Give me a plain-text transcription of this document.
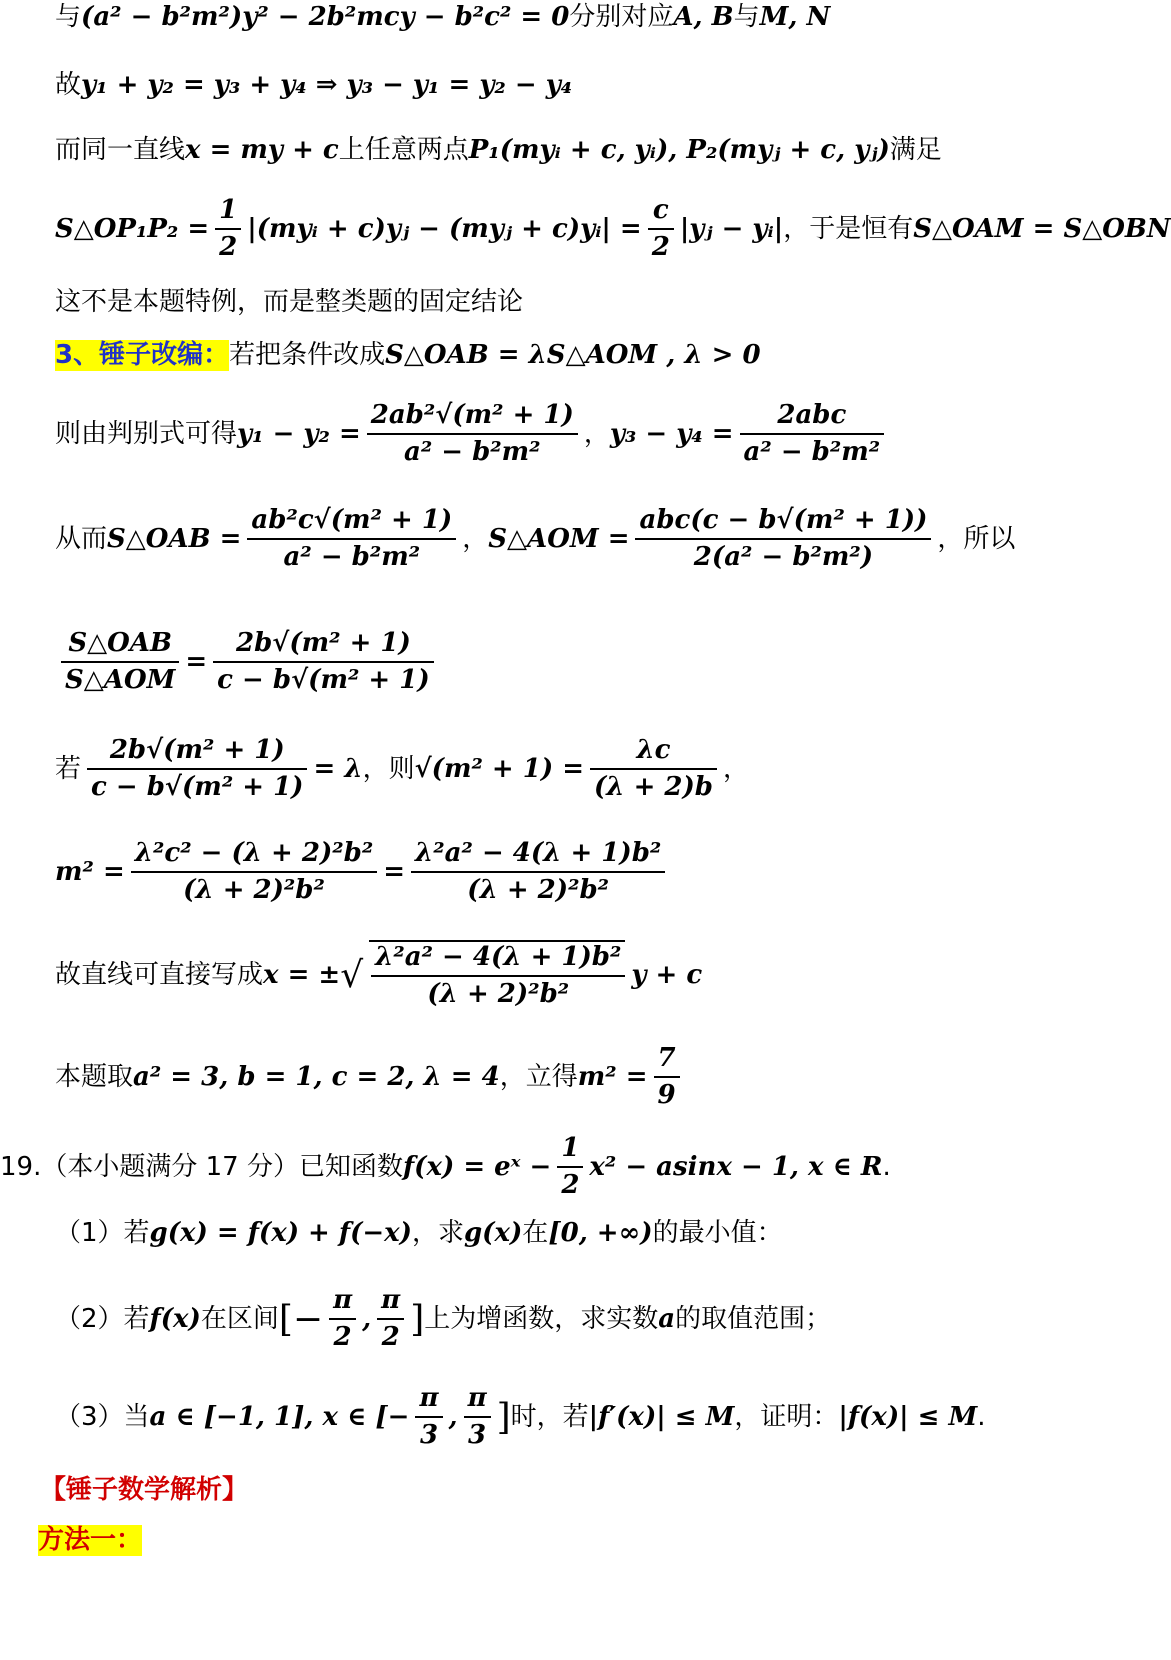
与 (a² − b²m²)y² − 2b²mcy − b²c² = 0 分别对应 A, B 与 M, N
故 y₁ + y₂ = y₃ + y₄ ⇒ y₃ − y₁ = y₂ − y₄
而同一直线 x = my + c 上任意两点 P₁(myᵢ + c, yᵢ), P₂(myⱼ + c, yⱼ) 满足
S△OP₁P₂ = $\frac{1}{2}$ |(myᵢ + c)yⱼ − (myⱼ + c)yᵢ| = $\frac{c}{2}$ |yⱼ − yᵢ| ，于是恒有 S△OAM = S△OBN
这不是本题特例，而是整类题的固定结论
3、锤子改编： 若把条件改成 S△OAB = λS△AOM , λ > 0
则由判别式可得 $y_1 - y_2 = \frac{\text{2ab²√(m² + 1)}}{\text{a² − b²m²}}$ ， $y_3 - y_4 = \frac{\text{2abc}}{\text{a² − b²m²}}$
从而 S△OAB = $\frac{\text{ab²c√(m² + 1)}}{\text{a² − b²m²}}$ ， S△AOM = $\frac{\text{abc(c − b√(m² + 1))}}{\text{2(a² − b²m²)}}$ ，所以
$\frac{\text{S△OAB}}{\text{S△AOM}} = \frac{\text{2b√(m² + 1)}}{\text{c − b√(m² + 1)}}$
若 $\frac{\text{2b√(m² + 1)}}{\text{c − b√(m² + 1)}} = \lambda$ ，则 $√(m^2 + 1) = \frac{\lambda c}{(\lambda + 2)b}$ ，
$m^2 = \frac{\text{λ²c² − (λ + 2)²b²}}{\text{(λ + 2)²b²}} = \frac{\text{λ²a² − 4(λ + 1)b²}}{\text{(λ + 2)²b²}}$
故直线可直接写成 x = ± √ $\frac{\text{λ²a² − 4(λ + 1)b²}}{\text{(λ + 2)²b²}}$ y + c
本题取 a² = 3, b = 1, c = 2, λ = 4 ，立得 $m^2 = \frac{7}{9}$
19. （本小题满分 17 分）已知函数 f(x) = eˣ − $\frac{1}{2} x^2 - asinx - 1$, x ∈ R .
（1）若 g(x) = f(x) + f(−x) ，求 g(x) 在 [0, +∞) 的最小值：
（2）若 f(x) 在区间 [− $\frac{\pi}{2}$ , $\frac{\pi}{2}$ ] 上为增函数，求实数 a 的取值范围；
（3）当 a ∈ [−1, 1], x ∈ [− $\frac{\pi}{3}$ , $\frac{\pi}{3}$ ] 时，若 |f′(x)| ≤ M ，证明： |f(x)| ≤ M .
【锤子数学解析】
方法一：
